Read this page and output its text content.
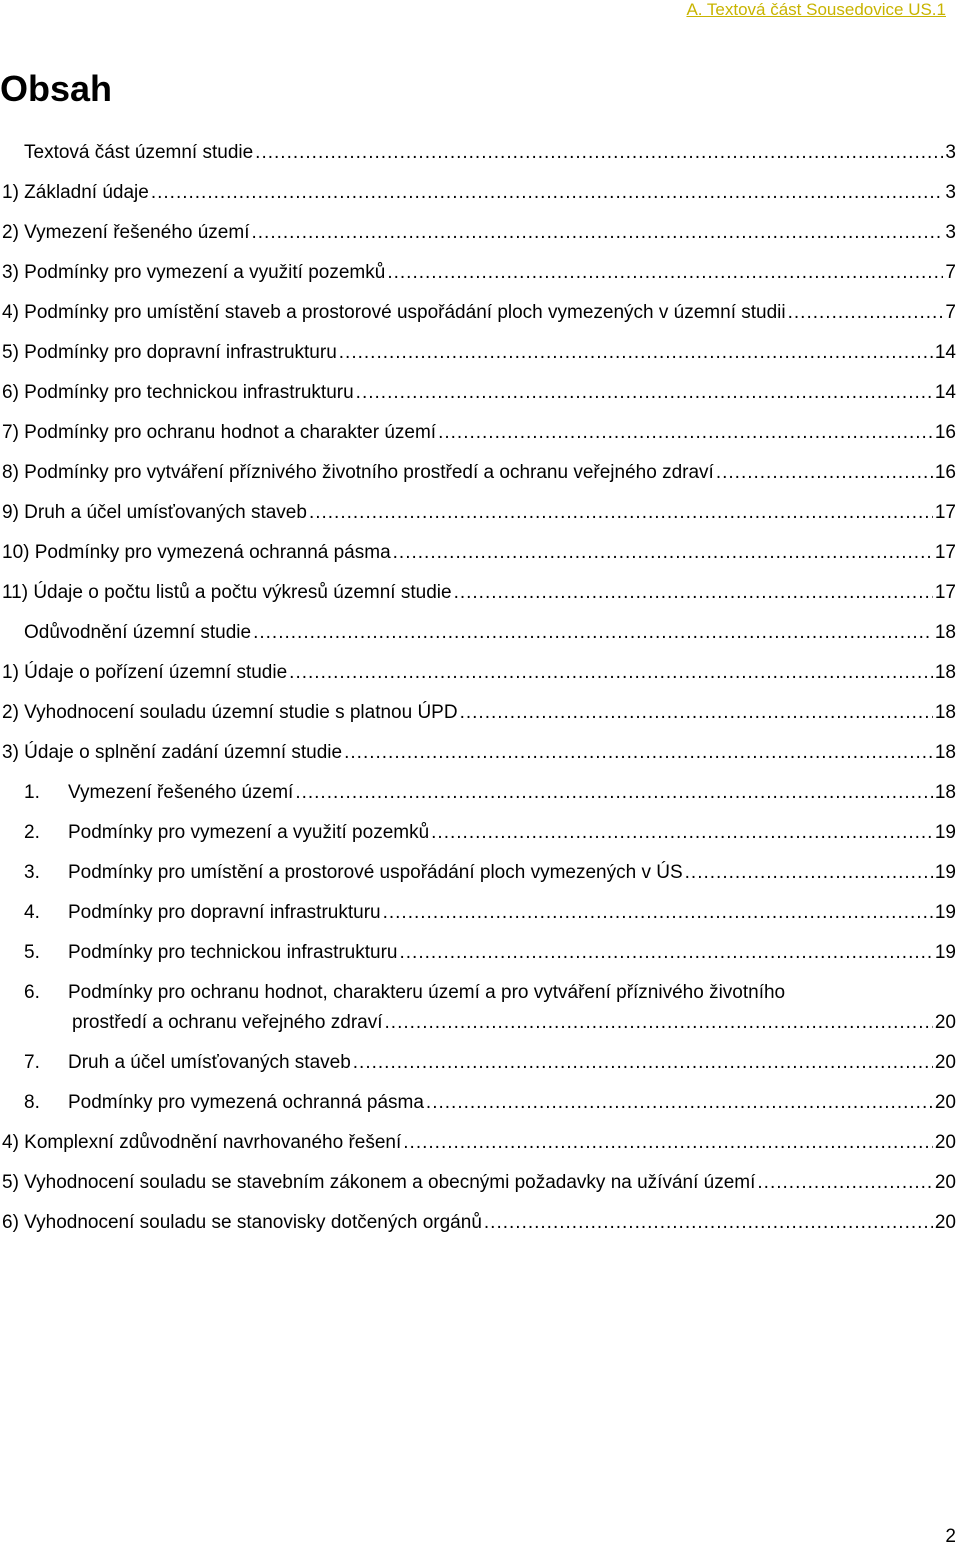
A. Textová část Sousedovice US.1
Obsah
Textová část územní studie .....	3
1) Základní údaje .....	3
2) Vymezení řešeného území .....	3
3) Podmínky pro vymezení a využití pozemků .....	7
4) Podmínky pro umístění staveb a prostorové uspořádání ploch vymezených v územní studii .....	7
5) Podmínky pro dopravní infrastrukturu .....	14
6) Podmínky pro technickou infrastrukturu .....	14
7) Podmínky pro ochranu hodnot a charakter území .....	16
8) Podmínky pro vytváření příznivého životního prostředí a ochranu veřejného zdraví .....	16
9) Druh a účel umísťovaných staveb .....	17
10) Podmínky pro vymezená ochranná pásma .....	17
11) Údaje o počtu listů a počtu výkresů územní studie .....	17
Odůvodnění územní studie .....	18
1) Údaje o pořízení územní studie .....	18
2) Vyhodnocení souladu územní studie s platnou ÚPD .....	18
3) Údaje o splnění zadání územní studie .....	18
1.	Vymezení řešeného území .....	18
2.	Podmínky pro vymezení a využití pozemků .....	19
3.	Podmínky pro umístění a prostorové uspořádání ploch vymezených v ÚS .....	19
4.	Podmínky pro dopravní infrastrukturu .....	19
5.	Podmínky pro technickou infrastrukturu .....	19
6. Podmínky pro ochranu hodnot, charakteru území a pro vytváření příznivého životního
prostředí a ochranu veřejného zdraví .....	20
7.	Druh a účel umísťovaných staveb .....	20
8.	Podmínky pro vymezená ochranná pásma .....	20
4) Komplexní zdůvodnění navrhovaného řešení .....	20
5) Vyhodnocení souladu se stavebním zákonem a obecnými požadavky na užívání území .....	20
6) Vyhodnocení souladu se stanovisky dotčených orgánů .....	20
2
